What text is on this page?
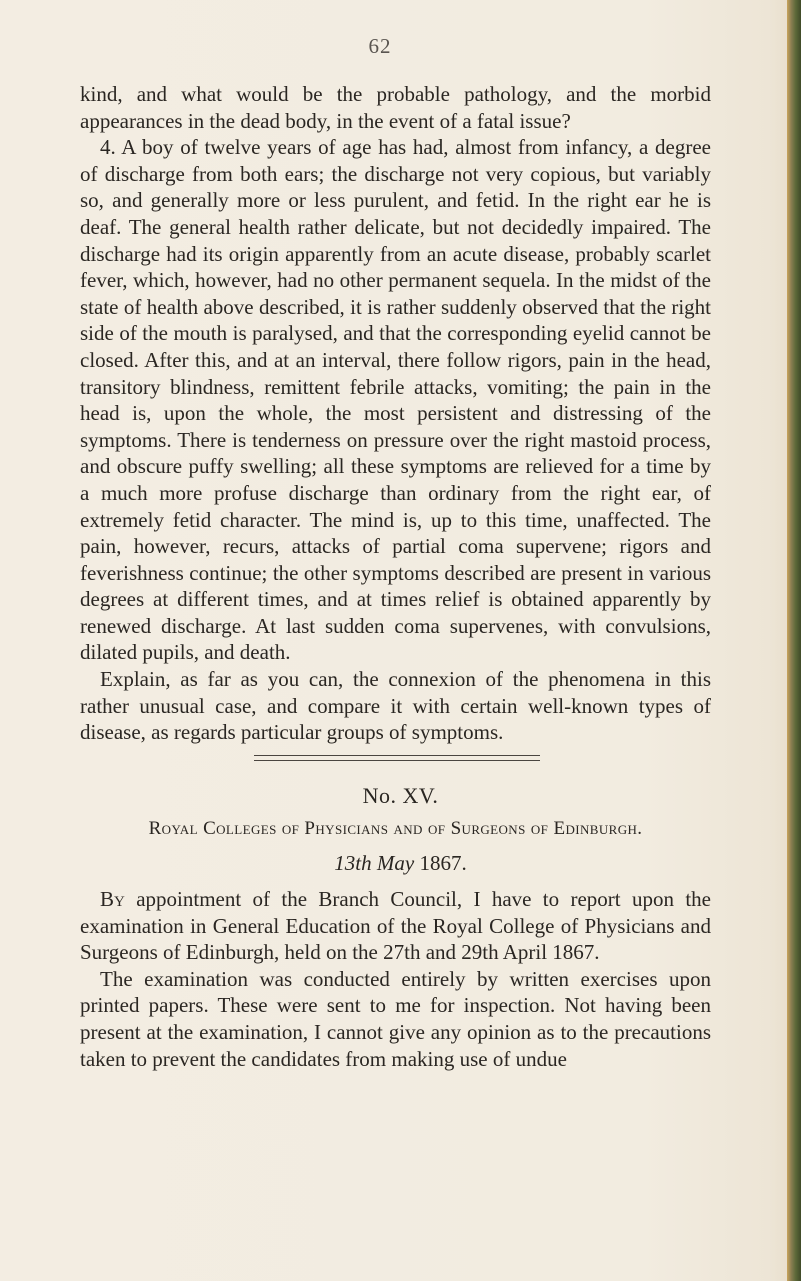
62

kind, and what would be the probable pathology, and the morbid appearances in the dead body, in the event of a fatal issue?

4. A boy of twelve years of age has had, almost from infancy, a degree of discharge from both ears; the discharge not very copious, but variably so, and generally more or less purulent, and fetid. In the right ear he is deaf. The general health rather delicate, but not decidedly impaired. The discharge had its origin apparently from an acute disease, probably scarlet fever, which, however, had no other permanent sequela. In the midst of the state of health above described, it is rather suddenly observed that the right side of the mouth is paralysed, and that the corresponding eyelid cannot be closed. After this, and at an interval, there follow rigors, pain in the head, transitory blindness, remittent febrile attacks, vomiting; the pain in the head is, upon the whole, the most persistent and distressing of the symptoms. There is tenderness on pressure over the right mastoid process, and obscure puffy swelling; all these symptoms are relieved for a time by a much more profuse discharge than ordinary from the right ear, of extremely fetid character. The mind is, up to this time, unaffected. The pain, however, recurs, attacks of partial coma supervene; rigors and feverishness continue; the other symptoms described are present in various degrees at different times, and at times relief is obtained apparently by renewed discharge. At last sudden coma supervenes, with convulsions, dilated pupils, and death.

Explain, as far as you can, the connexion of the phenomena in this rather unusual case, and compare it with certain well-known types of disease, as regards particular groups of symptoms.

No. XV.
Royal Colleges of Physicians and of Surgeons of Edinburgh.
13th May 1867.

By appointment of the Branch Council, I have to report upon the examination in General Education of the Royal College of Physicians and Surgeons of Edinburgh, held on the 27th and 29th April 1867.

The examination was conducted entirely by written exercises upon printed papers. These were sent to me for inspection. Not having been present at the examination, I cannot give any opinion as to the precautions taken to prevent the candidates from making use of undue
